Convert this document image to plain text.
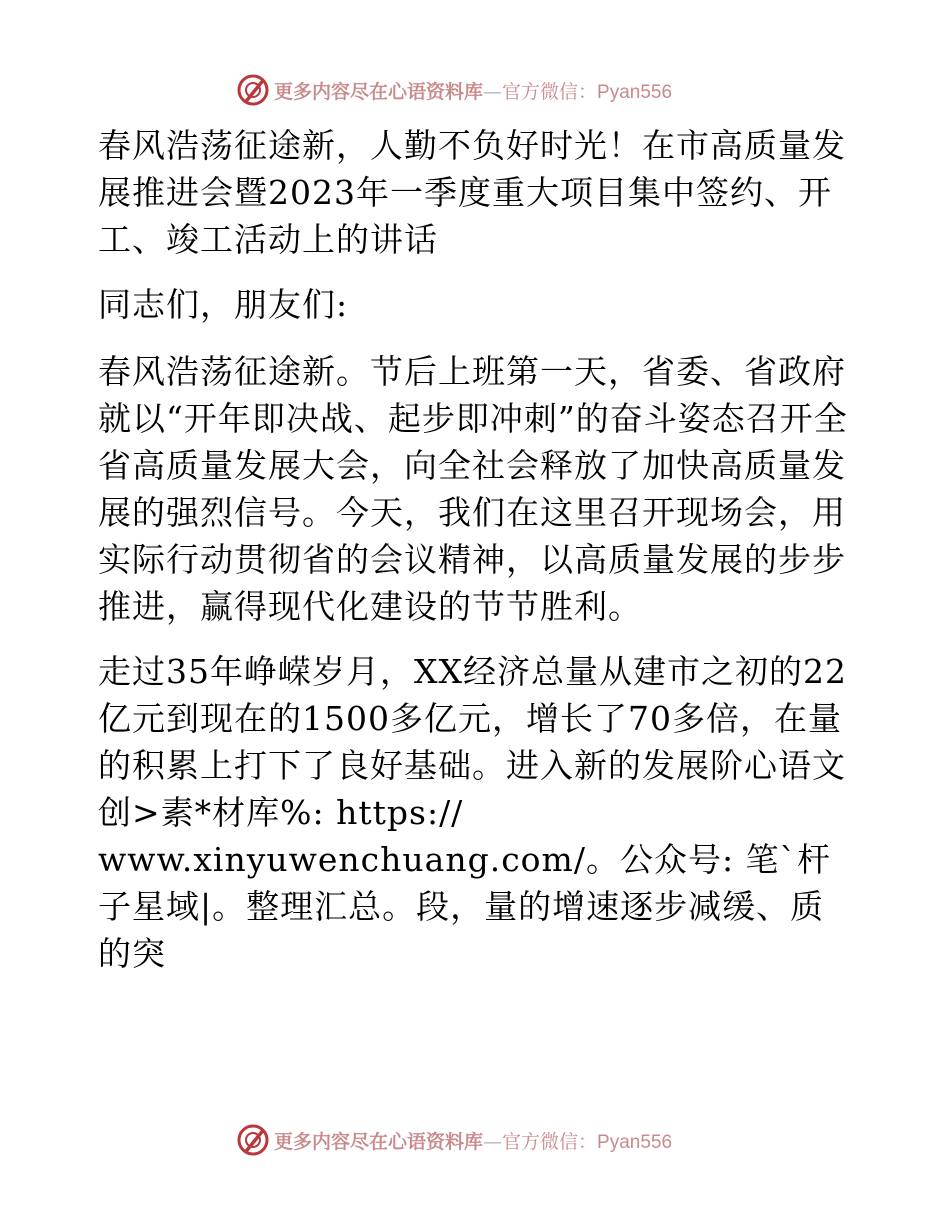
更多内容尽在心语资料库—官方微信：Pyan556

春风浩荡征途新，人勤不负好时光！在市高质量发展推进会暨2023年一季度重大项目集中签约、开工、竣工活动上的讲话

同志们，朋友们:

春风浩荡征途新。节后上班第一天，省委、省政府就以“开年即决战、起步即冲刺”的奋斗姿态召开全省高质量发展大会，向全社会释放了加快高质量发展的强烈信号。今天，我们在这里召开现场会，用实际行动贯彻省的会议精神，以高质量发展的步步推进，赢得现代化建设的节节胜利。

走过35年峥嵘岁月，XX经济总量从建市之初的22亿元到现在的1500多亿元，增长了70多倍，在量的积累上打下了良好基础。进入新的发展阶心语文创>素*材库%: https://

www.xinyuwenchuang.com/。公众号: 笔`杆子星域|。整理汇总。段，量的增速逐步减缓、质的突

更多内容尽在心语资料库—官方微信：Pyan556
